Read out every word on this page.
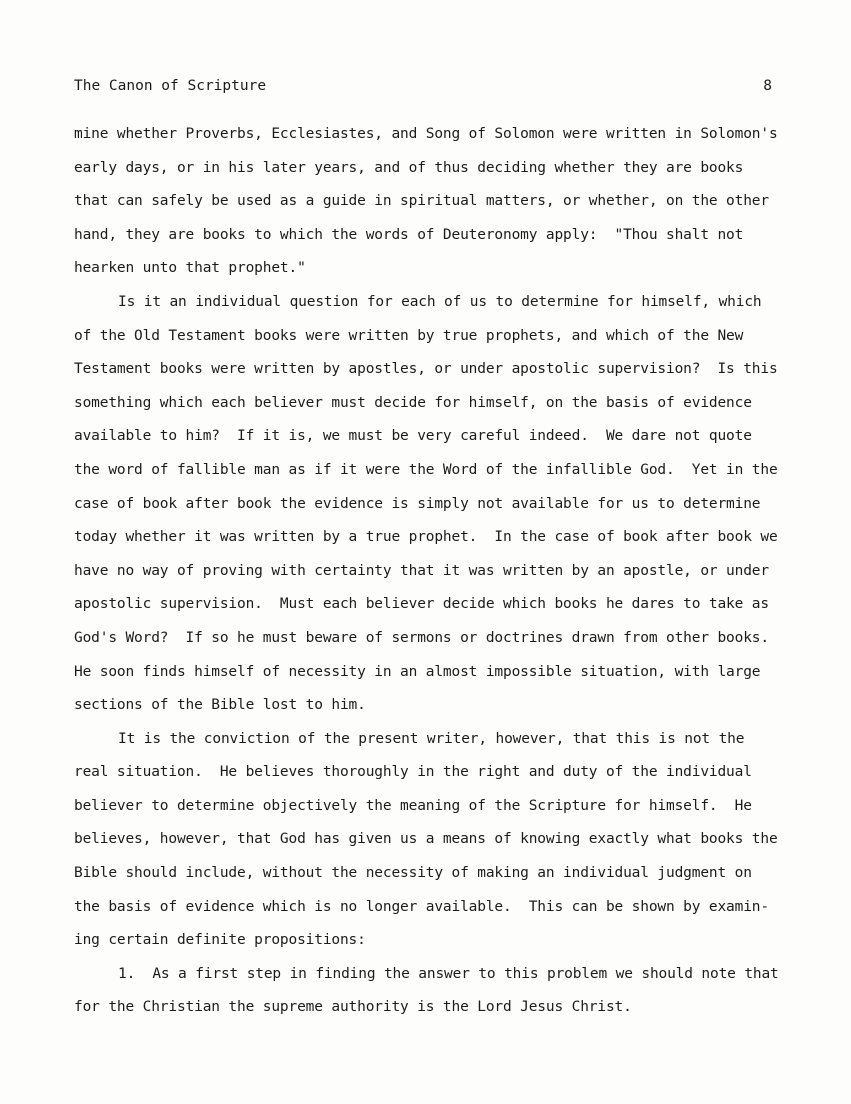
The Canon of Scripture	8
mine whether Proverbs, Ecclesiastes, and Song of Solomon were written in Solomon's
early days, or in his later years, and of thus deciding whether they are books
that can safely be used as a guide in spiritual matters, or whether, on the other
hand, they are books to which the words of Deuteronomy apply:  "Thou shalt not
hearken unto that prophet."
Is it an individual question for each of us to determine for himself, which
of the Old Testament books were written by true prophets, and which of the New
Testament books were written by apostles, or under apostolic supervision?  Is this
something which each believer must decide for himself, on the basis of evidence
available to him?  If it is, we must be very careful indeed.  We dare not quote
the word of fallible man as if it were the Word of the infallible God.  Yet in the
case of book after book the evidence is simply not available for us to determine
today whether it was written by a true prophet.  In the case of book after book we
have no way of proving with certainty that it was written by an apostle, or under
apostolic supervision.  Must each believer decide which books he dares to take as
God's Word?  If so he must beware of sermons or doctrines drawn from other books.
He soon finds himself of necessity in an almost impossible situation, with large
sections of the Bible lost to him.
It is the conviction of the present writer, however, that this is not the
real situation.  He believes thoroughly in the right and duty of the individual
believer to determine objectively the meaning of the Scripture for himself.  He
believes, however, that God has given us a means of knowing exactly what books the
Bible should include, without the necessity of making an individual judgment on
the basis of evidence which is no longer available.  This can be shown by examin-
ing certain definite propositions:
1.  As a first step in finding the answer to this problem we should note that
for the Christian the supreme authority is the Lord Jesus Christ.
